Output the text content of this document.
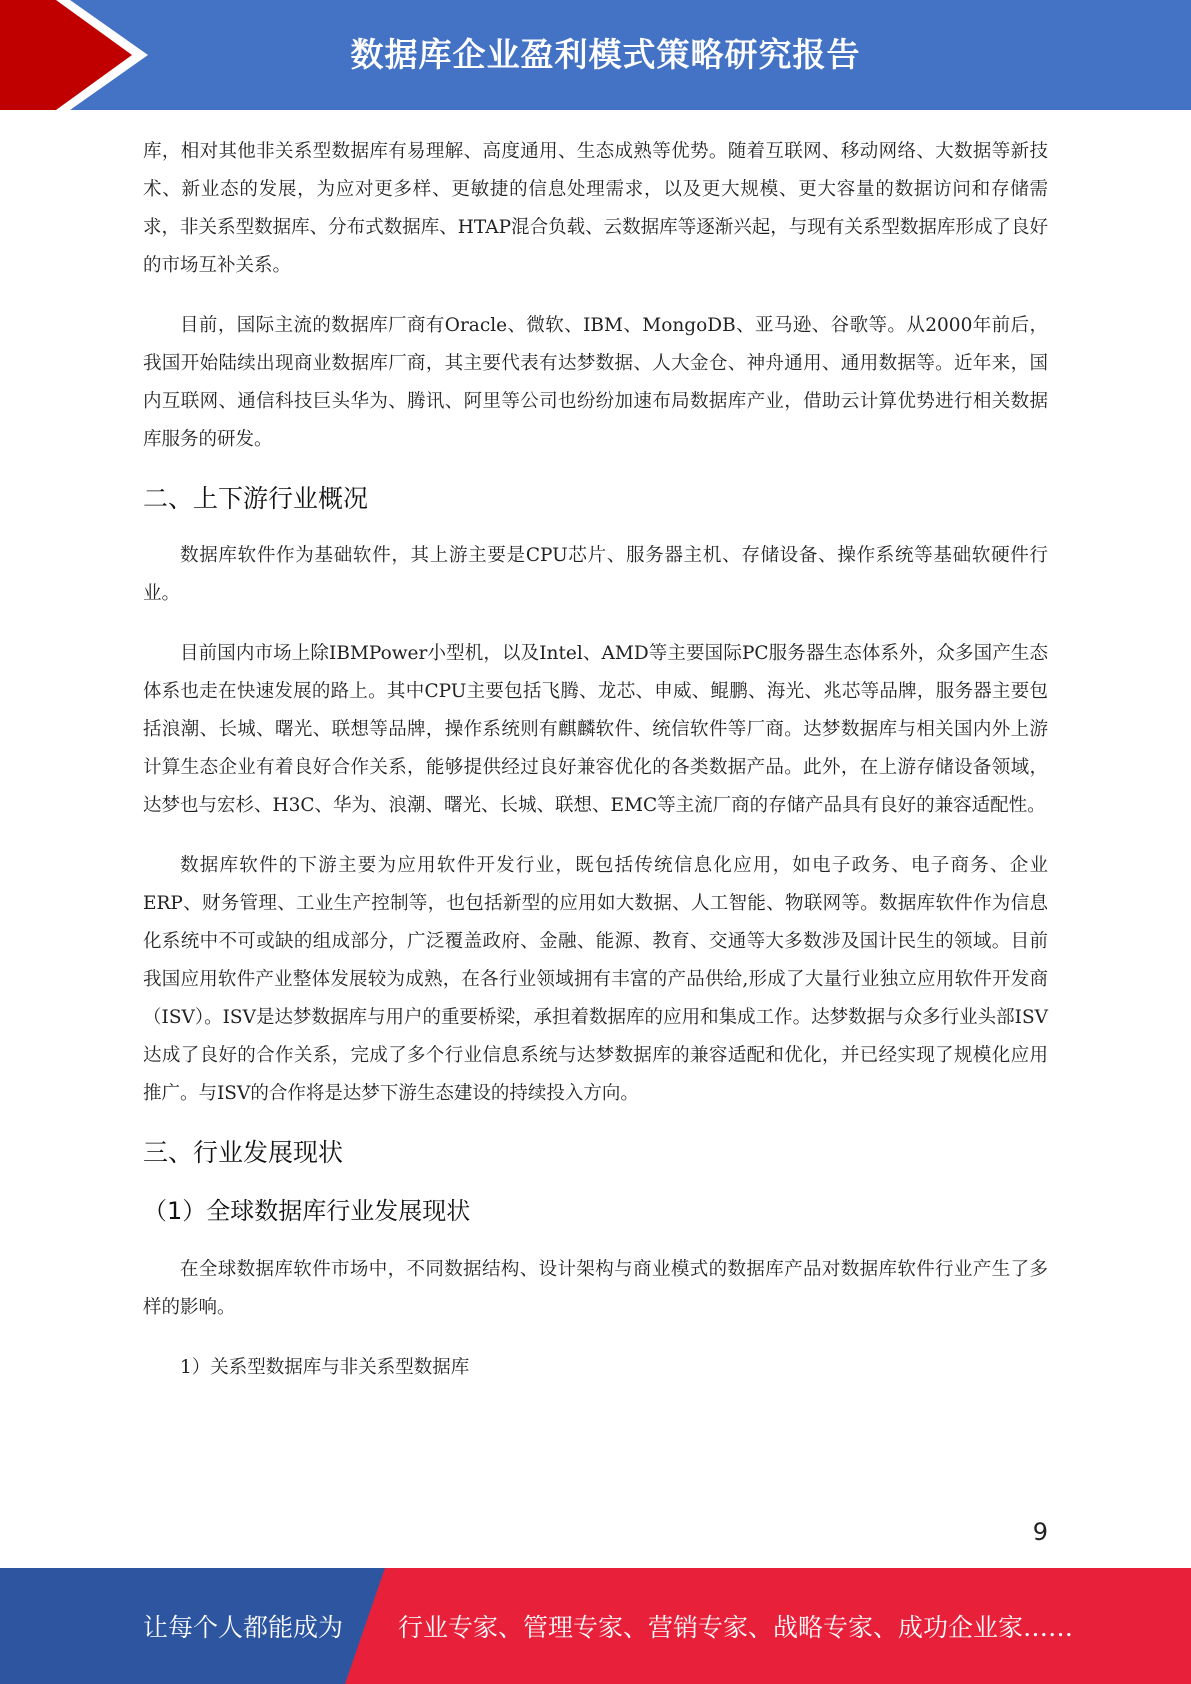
数据库企业盈利模式策略研究报告

库，相对其他非关系型数据库有易理解、高度通用、生态成熟等优势。随着互联网、移动网络、大数据等新技术、新业态的发展，为应对更多样、更敏捷的信息处理需求，以及更大规模、更大容量的数据访问和存储需求，非关系型数据库、分布式数据库、HTAP混合负载、云数据库等逐渐兴起，与现有关系型数据库形成了良好的市场互补关系。

目前，国际主流的数据库厂商有Oracle、微软、IBM、MongoDB、亚马逊、谷歌等。从2000年前后，我国开始陆续出现商业数据库厂商，其主要代表有达梦数据、人大金仓、神舟通用、通用数据等。近年来，国内互联网、通信科技巨头华为、腾讯、阿里等公司也纷纷加速布局数据库产业，借助云计算优势进行相关数据库服务的研发。

二、上下游行业概况

数据库软件作为基础软件，其上游主要是CPU芯片、服务器主机、存储设备、操作系统等基础软硬件行业。

目前国内市场上除IBMPower小型机，以及Intel、AMD等主要国际PC服务器生态体系外，众多国产生态体系也走在快速发展的路上。其中CPU主要包括飞腾、龙芯、申威、鲲鹏、海光、兆芯等品牌，服务器主要包括浪潮、长城、曙光、联想等品牌，操作系统则有麒麟软件、统信软件等厂商。达梦数据库与相关国内外上游计算生态企业有着良好合作关系，能够提供经过良好兼容优化的各类数据产品。此外，在上游存储设备领域，达梦也与宏杉、H3C、华为、浪潮、曙光、长城、联想、EMC等主流厂商的存储产品具有良好的兼容适配性。

数据库软件的下游主要为应用软件开发行业，既包括传统信息化应用，如电子政务、电子商务、企业ERP、财务管理、工业生产控制等，也包括新型的应用如大数据、人工智能、物联网等。数据库软件作为信息化系统中不可或缺的组成部分，广泛覆盖政府、金融、能源、教育、交通等大多数涉及国计民生的领域。目前我国应用软件产业整体发展较为成熟，在各行业领域拥有丰富的产品供给,形成了大量行业独立应用软件开发商（ISV）。ISV是达梦数据库与用户的重要桥梁，承担着数据库的应用和集成工作。达梦数据与众多行业头部ISV达成了良好的合作关系，完成了多个行业信息系统与达梦数据库的兼容适配和优化，并已经实现了规模化应用推广。与ISV的合作将是达梦下游生态建设的持续投入方向。

三、行业发展现状
（1）全球数据库行业发展现状

在全球数据库软件市场中，不同数据结构、设计架构与商业模式的数据库产品对数据库软件行业产生了多样的影响。

1）关系型数据库与非关系型数据库

9
让每个人都能成为 行业专家、管理专家、营销专家、战略专家、成功企业家……
